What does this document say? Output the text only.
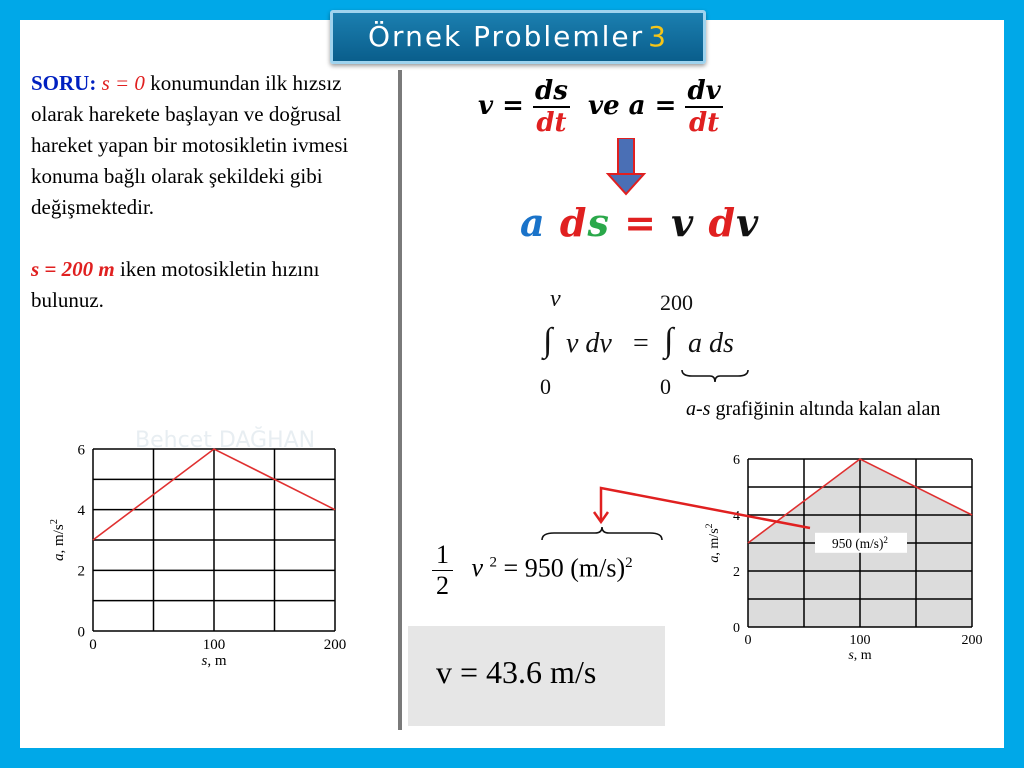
Örnek Problemler 3
SORU: s = 0 konumundan ilk hızsız olarak harekete başlayan ve doğrusal hareket yapan bir motosikletin ivmesi konuma bağlı olarak şekildeki gibi değişmektedir.
s = 200 m iken motosikletin hızını bulunuz.
Behcet DAĞHAN
$v = \frac{ds}{dt}$ ve $a = \frac{dv}{dt}$
a ds = v dv
v
0
∫ v dv =
200
0
∫ a ds
a-s grafiğinin altında kalan alan
0
2
4
6
0	100	200
s, m
a, $m/s^2$
0
2
4
6
0	100	200
s, m
a, $m/s^2$
950 $(m/s)^2$
$\frac{1}{2}$ v $^2$ = 950 $(m/s)^2$
v = 43.6 m/s
